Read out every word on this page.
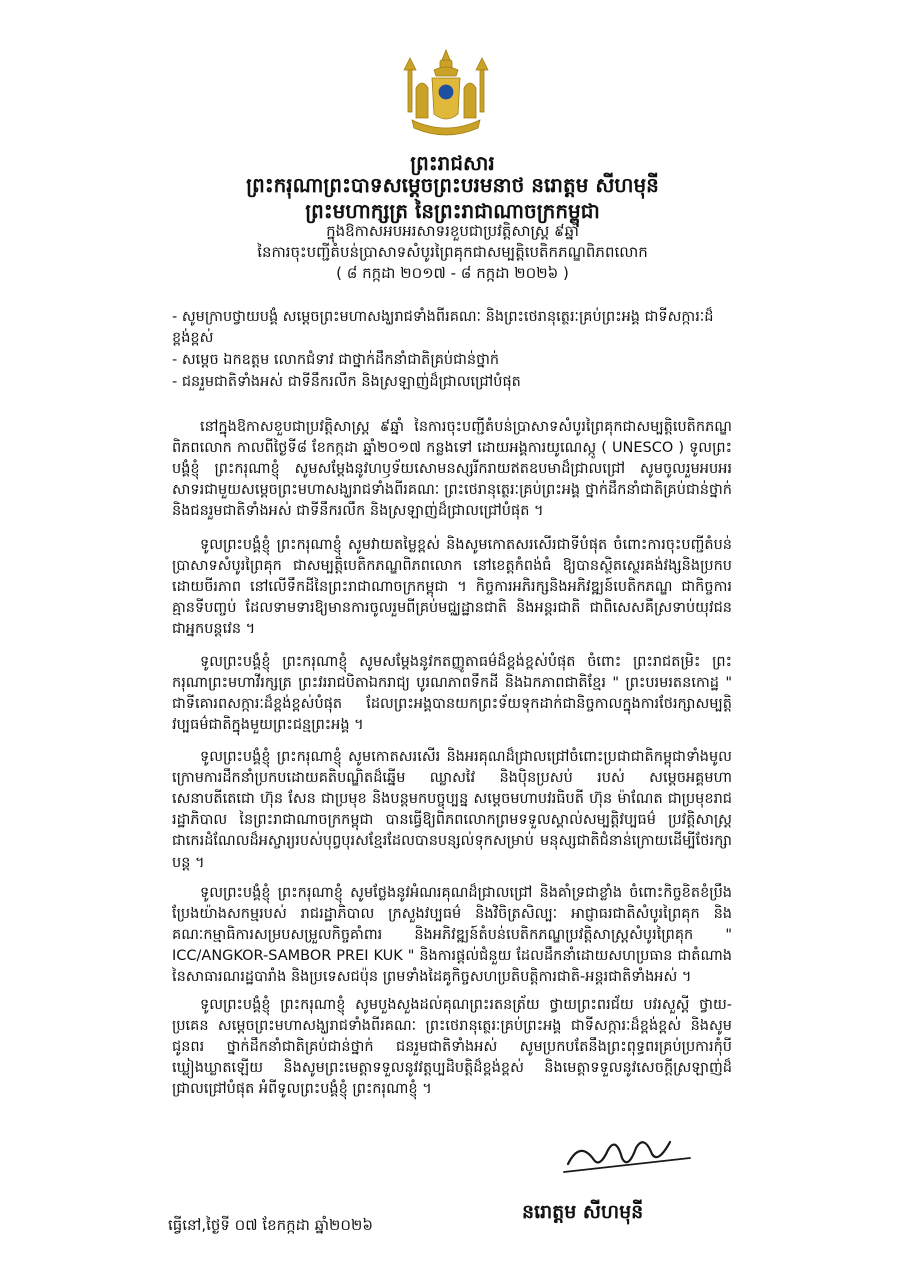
ព្រះរាជសារ
ព្រះករុណាព្រះបាទសម្តេចព្រះបរមនាថ នរោត្តម សីហមុនី
ព្រះមហាក្សត្រ នៃព្រះរាជាណាចក្រកម្ពុជា
ក្នុងឱកាសអបអរសាទរខួបជាប្រវត្តិសាស្ត្រ ៩ឆ្នាំ
នៃការចុះបញ្ជីតំបន់ប្រាសាទសំបូរព្រៃគុកជាសម្បត្តិបេតិកភណ្ឌពិភពលោក
( ៨ កក្កដា ២០១៧ - ៨ កក្កដា ២០២៦ )
- សូមក្រាបថ្វាយបង្គំ សម្តេចព្រះមហាសង្ឃរាជទាំងពីរគណៈ និងព្រះថេរានុត្ថេរៈគ្រប់ព្រះអង្គ ជាទីសក្ការៈដ៏ខ្ពង់ខ្ពស់
- សម្តេច ឯកឧត្តម លោកជំទាវ ជាថ្នាក់ដឹកនាំជាតិគ្រប់ជាន់ថ្នាក់
- ជនរួមជាតិទាំងអស់ ជាទីនឹករលឹក និងស្រឡាញ់ដ៏ជ្រាលជ្រៅបំផុត

នៅក្នុងឱកាសខួបជាប្រវត្តិសាស្ត្រ ៩ឆ្នាំ នៃការចុះបញ្ជីតំបន់ប្រាសាទសំបូរព្រៃគុកជាសម្បត្តិបេតិកភណ្ឌពិភពលោក កាលពីថ្ងៃទី៨ ខែកក្កដា ឆ្នាំ២០១៧ កន្លងទៅ ដោយអង្គការយូណេស្កូ ( UNESCO ) ទូលព្រះបង្គំខ្ញុំ ព្រះករុណាខ្ញុំ សូមសម្តែងនូវហឫទ័យសោមនស្សរីករាយឥតឧបមាដ៏ជ្រាលជ្រៅ សូមចូលរួមអបអរសាទរជាមួយសម្តេចព្រះមហាសង្ឃរាជទាំងពីរគណៈ ព្រះថេរានុត្ថេរៈគ្រប់ព្រះអង្គ ថ្នាក់ដឹកនាំជាតិគ្រប់ជាន់ថ្នាក់ និងជនរួមជាតិទាំងអស់ ជាទីនឹករលឹក និងស្រឡាញ់ដ៏ជ្រាលជ្រៅបំផុត ។

ទូលព្រះបង្គំខ្ញុំ ព្រះករុណាខ្ញុំ សូមវាយតម្លៃខ្ពស់ និងសូមកោតសរសើរជាទីបំផុត ចំពោះការចុះបញ្ជីតំបន់ប្រាសាទសំបូរព្រៃគុក ជាសម្បត្តិបេតិកភណ្ឌពិភពលោក នៅខេត្តកំពង់ធំ ឱ្យបានស្ថិតស្ថេរគង់វង្សនិងប្រកបដោយចីរភាព នៅលើទឹកដីនៃព្រះរាជាណាចក្រកម្ពុជា ។ កិច្ចការអភិរក្សនិងអភិវឌ្ឍន៍បេតិកភណ្ឌ ជាកិច្ចការគ្មានទីបញ្ចប់ ដែលទាមទារឱ្យមានការចូលរួមពីគ្រប់មជ្ឈដ្ឋានជាតិ និងអន្តរជាតិ ជាពិសេសគឺស្រទាប់យុវជនជាអ្នកបន្តវេន ។

ទូលព្រះបង្គំខ្ញុំ ព្រះករុណាខ្ញុំ សូមសម្តែងនូវកតញ្ញូតាធម៌ដ៏ខ្ពង់ខ្ពស់បំផុត ចំពោះ ព្រះរាជតម្រិះ ព្រះករុណាព្រះមហាវីរក្សត្រ ព្រះវររាជបិតាឯករាជ្យ បូរណភាពទឹកដី និងឯកភាពជាតិខ្មែរ " ព្រះបរមរតនកោដ្ឋ " ជាទីគោរពសក្ការៈដ៏ខ្ពង់ខ្ពស់បំផុត ដែលព្រះអង្គបានយកព្រះទ័យទុកដាក់ជានិច្ចកាលក្នុងការថែរក្សាសម្បត្តិវប្បធម៌ជាតិក្នុងមួយព្រះជន្មព្រះអង្គ ។

ទូលព្រះបង្គំខ្ញុំ ព្រះករុណាខ្ញុំ សូមកោតសរសើរ និងអរគុណដ៏ជ្រាលជ្រៅចំពោះប្រជាជាតិកម្ពុជាទាំងមូល ក្រោមការដឹកនាំប្រកបដោយគតិបណ្ឌិតដ៏ឆ្នើម ឈ្លាសវៃ និងប៉ិនប្រសប់ របស់ សម្តេចអគ្គមហាសេនាបតីតេជោ ហ៊ុន សែន ជាប្រមុខ និងបន្តមកបច្ចុប្បន្ន សម្តេចមហាបវរធិបតី ហ៊ុន ម៉ាណែត ជាប្រមុខរាជរដ្ឋាភិបាល នៃព្រះរាជាណាចក្រកម្ពុជា បានធ្វើឱ្យពិភពលោកព្រមទទួលស្គាល់សម្បត្តិវប្បធម៌ ប្រវត្តិសាស្ត្រជាកេរដំណែលដ៏អស្ចារ្យរបស់បុព្វបុរសខ្មែរដែលបានបន្សល់ទុកសម្រាប់ មនុស្សជាតិជំនាន់ក្រោយដើម្បីថែរក្សាបន្ត ។

ទូលព្រះបង្គំខ្ញុំ ព្រះករុណាខ្ញុំ សូមថ្លែងនូវអំណរគុណដ៏ជ្រាលជ្រៅ និងគាំទ្រជាខ្លាំង ចំពោះកិច្ចខិតខំប្រឹងប្រែងយ៉ាងសកម្មរបស់ រាជរដ្ឋាភិបាល ក្រសួងវប្បធម៌ និងវិចិត្រសិល្បៈ អាជ្ញាធរជាតិសំបូរព្រៃគុក និងគណៈកម្មាធិការសម្របសម្រួលកិច្ចគាំពារ និងអភិវឌ្ឍន៍តំបន់បេតិកភណ្ឌប្រវត្តិសាស្ត្រសំបូរព្រៃគុក " ICC/ANGKOR-SAMBOR PREI KUK " និងការផ្ដល់ជំនួយ ដែលដឹកនាំដោយសហប្រធាន ជាតំណាងនៃសាធារណរដ្ឋបារាំង និងប្រទេសជប៉ុន ព្រមទាំងដៃគូកិច្ចសហប្រតិបត្តិការជាតិ-អន្តរជាតិទាំងអស់ ។

ទូលព្រះបង្គំខ្ញុំ ព្រះករុណាខ្ញុំ សូមបួងសួងដល់គុណព្រះរតនត្រ័យ ថ្វាយព្រះពរជ័យ បវរសួស្តី ថ្វាយ-ប្រគេន សម្តេចព្រះមហាសង្ឃរាជទាំងពីរគណៈ ព្រះថេរានុត្ថេរៈគ្រប់ព្រះអង្គ ជាទីសក្ការៈដ៏ខ្ពង់ខ្ពស់ និងសូមជូនពរ ថ្នាក់ដឹកនាំជាតិគ្រប់ជាន់ថ្នាក់ ជនរួមជាតិទាំងអស់ សូមប្រកបតែនឹងព្រះពុទ្ធពរគ្រប់ប្រការកុំបីឃ្លៀងឃ្លាតឡើយ និងសូមព្រះមេត្តាទទួលនូវវត្តប្បដិបត្តិដ៏ខ្ពង់ខ្ពស់ និងមេត្តាទទួលនូវសេចក្តីស្រឡាញ់ដ៏ជ្រាលជ្រៅបំផុត អំពីទូលព្រះបង្គំខ្ញុំ ព្រះករុណាខ្ញុំ ។

នរោត្តម សីហមុនី
ធ្វើនៅ,ថ្ងៃទី ០៧ ខែកក្កដា ឆ្នាំ២០២៦
